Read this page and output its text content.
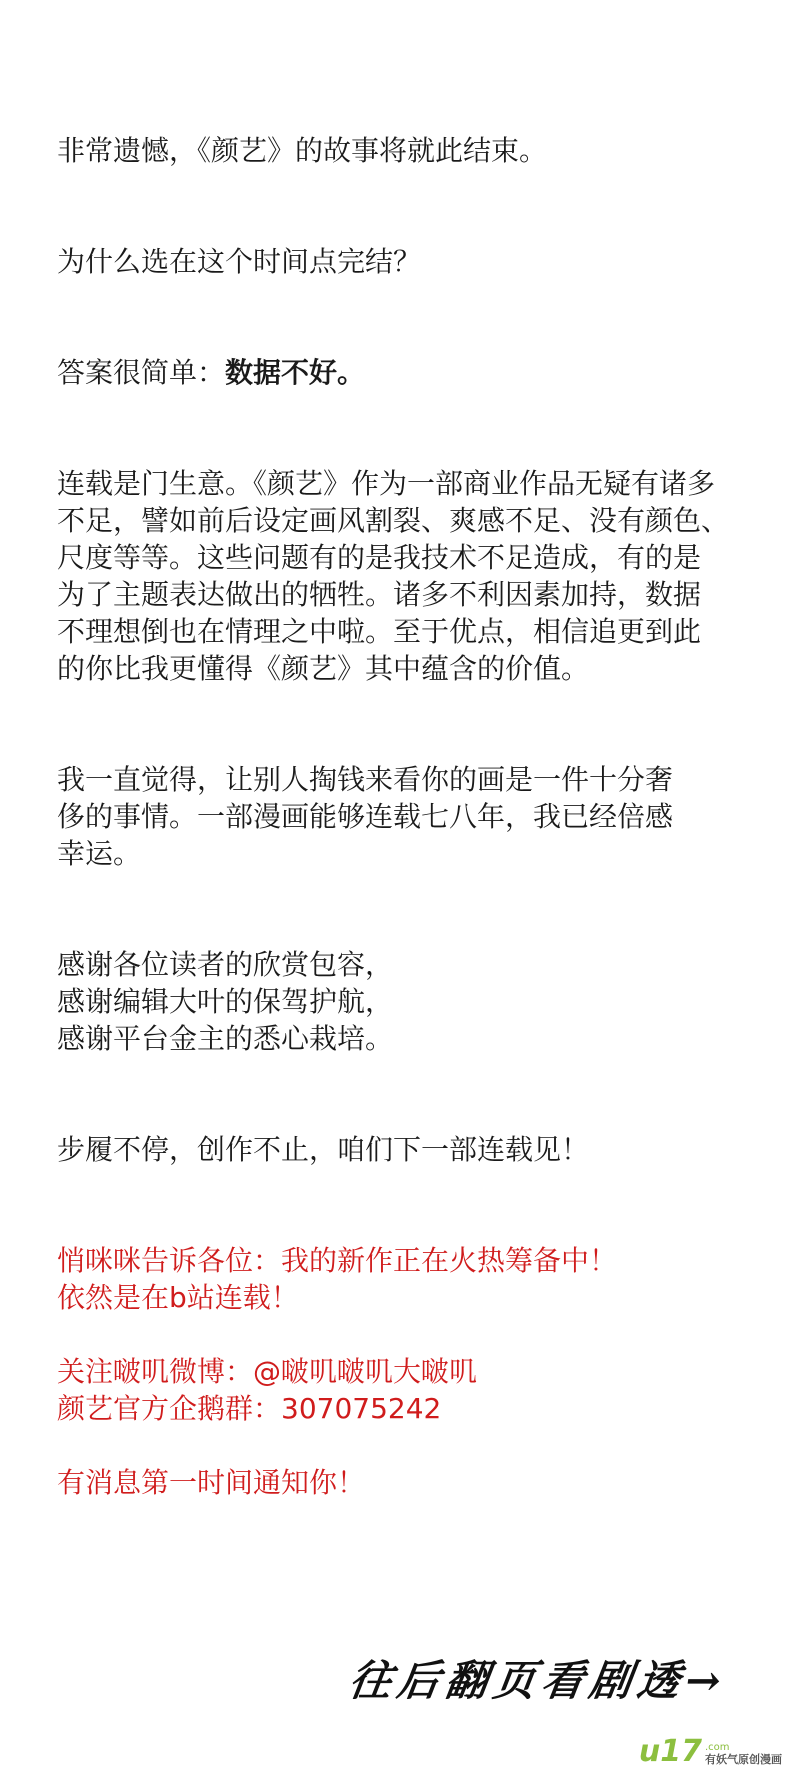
非常遗憾，《颜艺》的故事将就此结束。

为什么选在这个时间点完结？

答案很简单：数据不好。

连载是门生意。《颜艺》作为一部商业作品无疑有诸多
不足，譬如前后设定画风割裂、爽感不足、没有颜色、
尺度等等。这些问题有的是我技术不足造成，有的是
为了主题表达做出的牺牲。诸多不利因素加持，数据
不理想倒也在情理之中啦。至于优点，相信追更到此
的你比我更懂得《颜艺》其中蕴含的价值。

我一直觉得，让别人掏钱来看你的画是一件十分奢
侈的事情。一部漫画能够连载七八年，我已经倍感
幸运。

感谢各位读者的欣赏包容，
感谢编辑大叶的保驾护航，
感谢平台金主的悉心栽培。

步履不停，创作不止，咱们下一部连载见！

悄咪咪告诉各位：我的新作正在火热筹备中！
依然是在b站连载！

关注啵叽微博：@啵叽啵叽大啵叽
颜艺官方企鹅群：307075242

有消息第一时间通知你！

往后翻页看剧透→
u17 .com
有妖气原创漫画
